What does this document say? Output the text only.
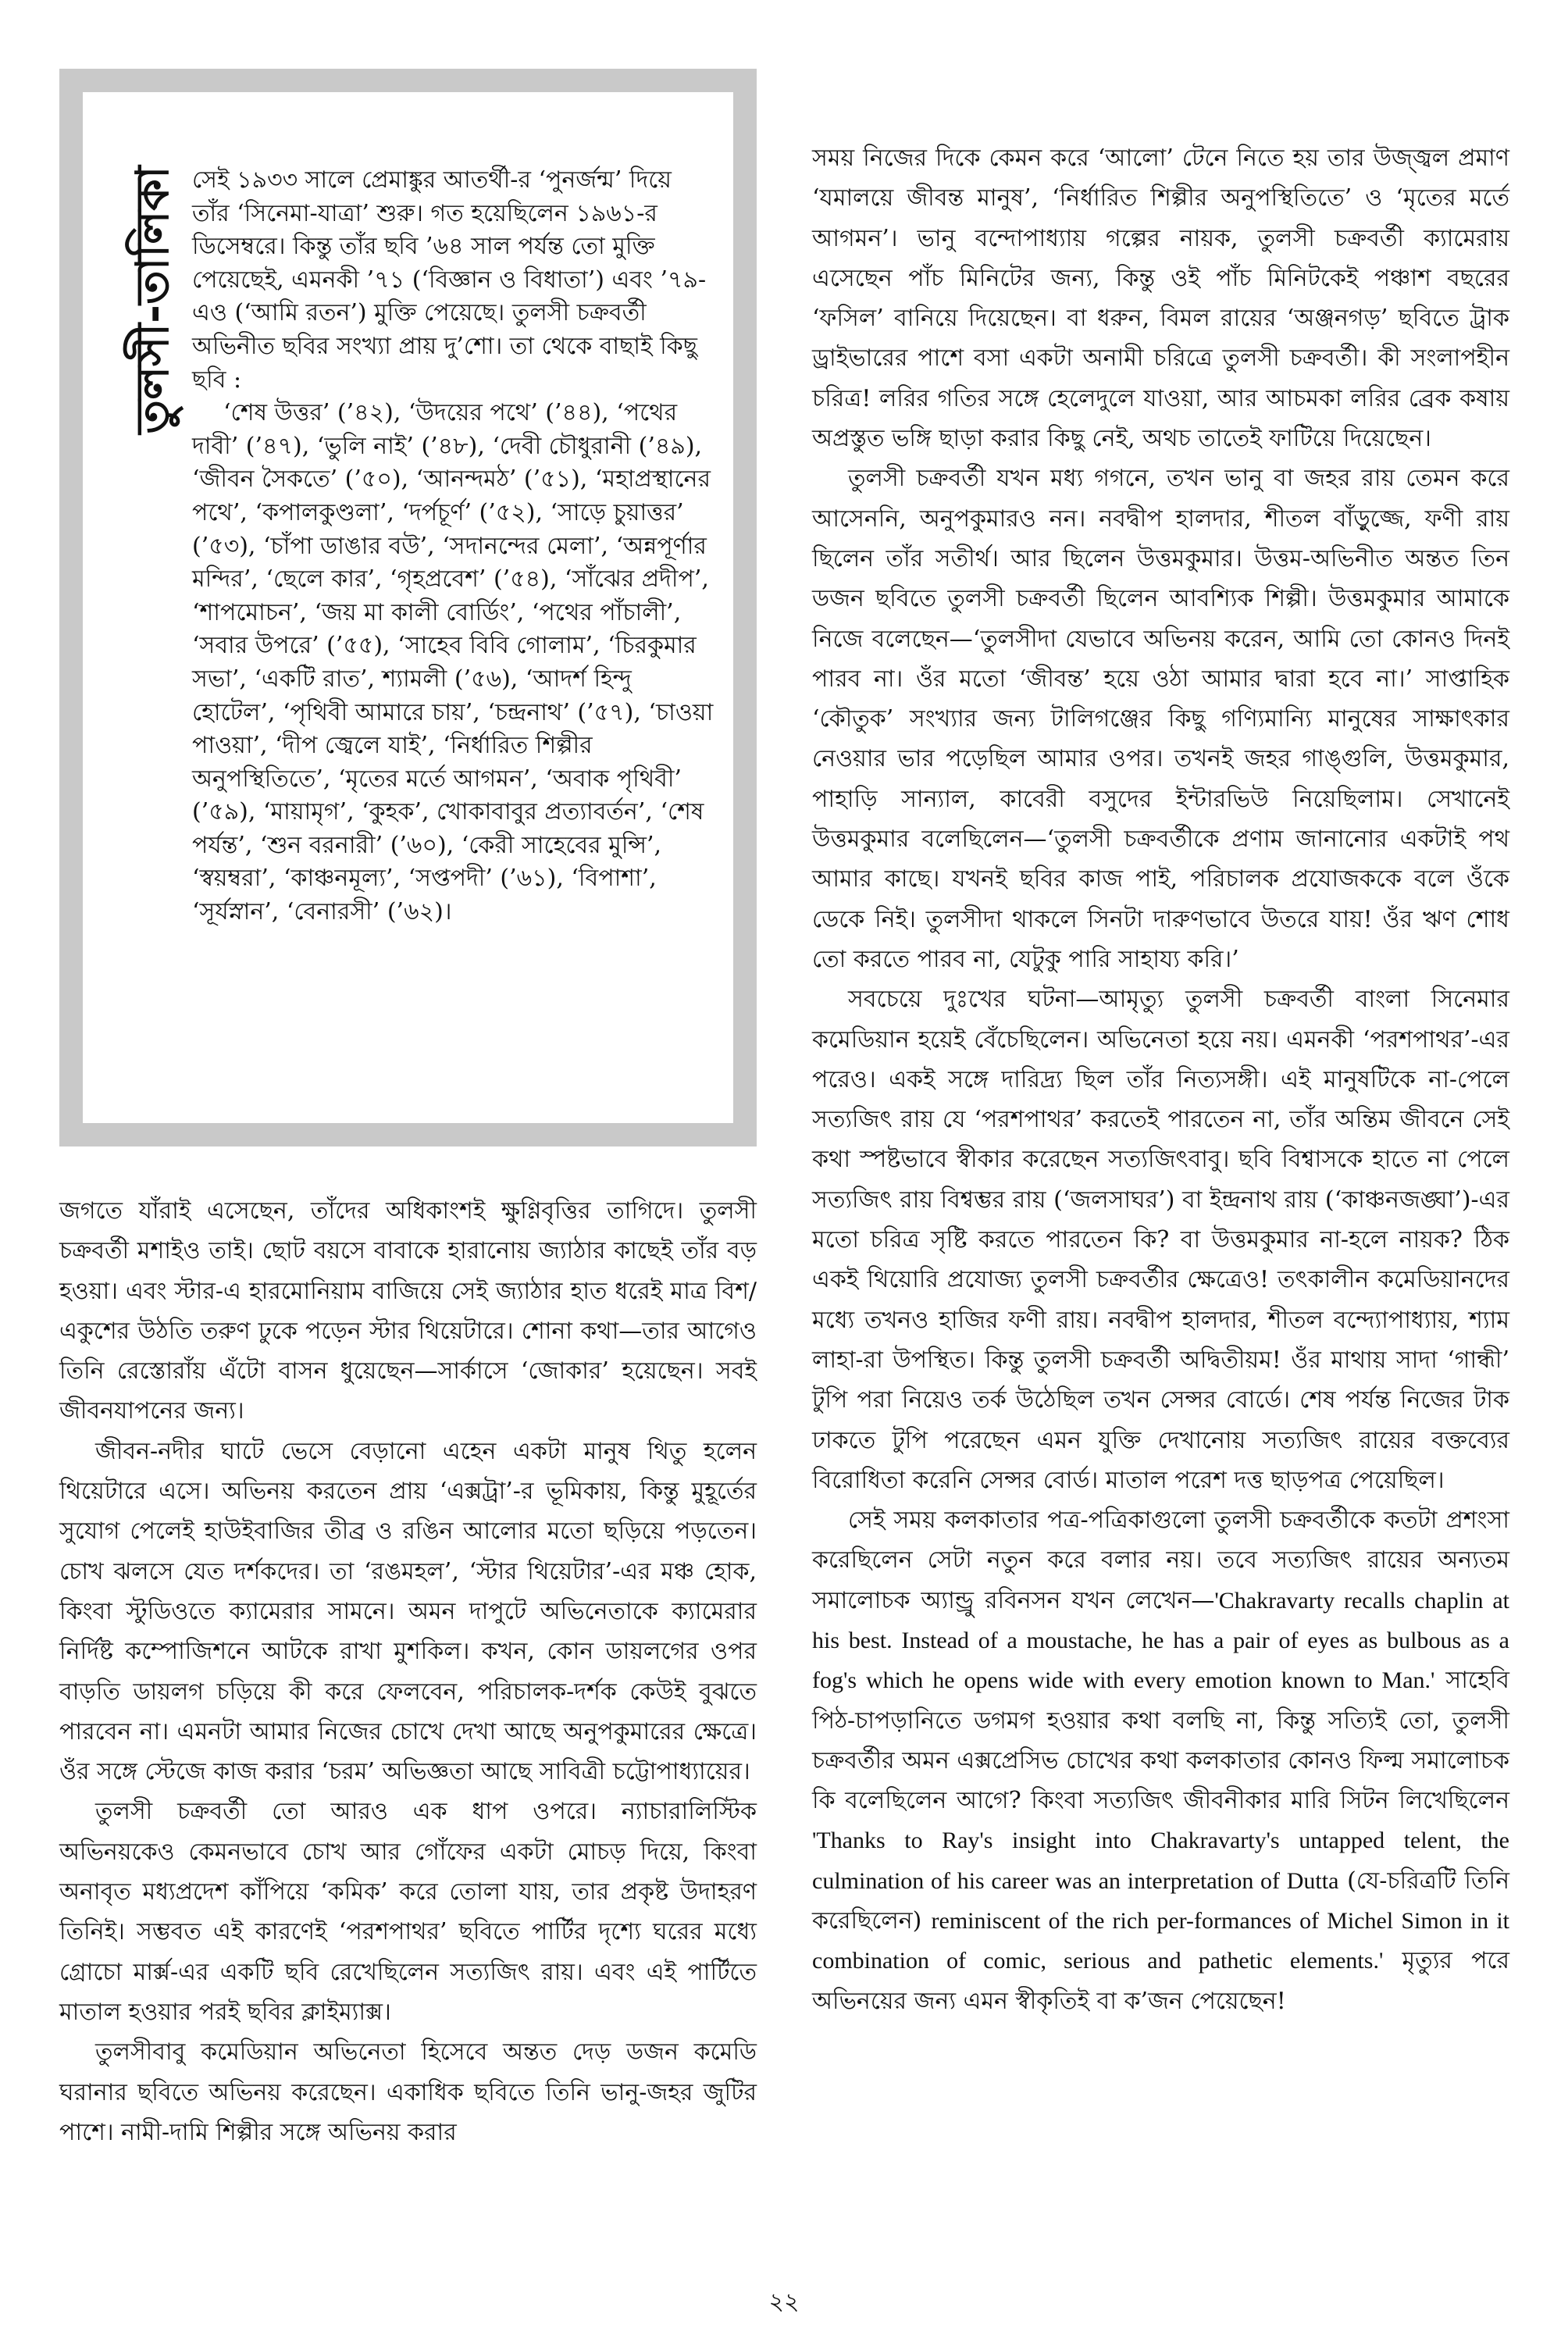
তুলসী-তালিকা সেই ১৯৩৩ সালে প্রেমাঙ্কুর আতর্থী-র ‘পুনর্জন্ম’ দিয়ে তাঁর ‘সিনেমা-যাত্রা’ শুরু। গত হয়েছিলেন ১৯৬১-র ডিসেম্বরে। কিন্তু তাঁর ছবি ’৬৪ সাল পর্যন্ত তো মুক্তি পেয়েছেই, এমনকী ’৭১ (‘বিজ্ঞান ও বিধাতা’) এবং ’৭৯-এও (‘আমি রতন’) মুক্তি পেয়েছে। তুলসী চক্রবর্তী অভিনীত ছবির সংখ্যা প্রায় দু’শো। তা থেকে বাছাই কিছু ছবি :

‘শেষ উত্তর’ (’৪২), ‘উদয়ের পথে’ (’৪৪), ‘পথের দাবী’ (’৪৭), ‘ভুলি নাই’ (’৪৮), ‘দেবী চৌধুরানী (’৪৯), ‘জীবন সৈকতে’ (’৫০), ‘আনন্দমঠ’ (’৫১), ‘মহাপ্রস্থানের পথে’, ‘কপালকুণ্ডলা’, ‘দর্পচূর্ণ’ (’৫২), ‘সাড়ে চুয়াত্তর’ (’৫৩), ‘চাঁপা ডাঙার বউ’, ‘সদানন্দের মেলা’, ‘অন্নপূর্ণার মন্দির’, ‘ছেলে কার’, ‘গৃহপ্রবেশ’ (’৫৪), ‘সাঁঝের প্রদীপ’, ‘শাপমোচন’, ‘জয় মা কালী বোর্ডিং’, ‘পথের পাঁচালী’, ‘সবার উপরে’ (’৫৫), ‘সাহেব বিবি গোলাম’, ‘চিরকুমার সভা’, ‘একটি রাত’, শ্যামলী (’৫৬), ‘আদর্শ হিন্দু হোটেল’, ‘পৃথিবী আমারে চায়’, ‘চন্দ্রনাথ’ (’৫৭), ‘চাওয়া পাওয়া’, ‘দীপ জ্বেলে যাই’, ‘নির্ধারিত শিল্পীর অনুপস্থিতিতে’, ‘মৃতের মর্তে আগমন’, ‘অবাক পৃথিবী’ (’৫৯), ‘মায়ামৃগ’, ‘কুহক’, খোকাবাবুর প্রত্যাবর্তন’, ‘শেষ পর্যন্ত’, ‘শুন বরনারী’ (’৬০), ‘কেরী সাহেবের মুন্সি’, ‘স্বয়ম্বরা’, ‘কাঞ্চনমূল্য’, ‘সপ্তপদী’ (’৬১), ‘বিপাশা’, ‘সূর্যস্নান’, ‘বেনারসী’ (’৬২)।

জগতে যাঁরাই এসেছেন, তাঁদের অধিকাংশই ক্ষুণ্ণিবৃত্তির তাগিদে। তুলসী চক্রবর্তী মশাইও তাই। ছোট বয়সে বাবাকে হারানোয় জ্যাঠার কাছেই তাঁর বড় হওয়া। এবং স্টার-এ হারমোনিয়াম বাজিয়ে সেই জ্যাঠার হাত ধরেই মাত্র বিশ/একুশের উঠতি তরুণ ঢুকে পড়েন স্টার থিয়েটারে। শোনা কথা—তার আগেও তিনি রেস্তোরাঁয় এঁটো বাসন ধুয়েছেন—সার্কাসে ‘জোকার’ হয়েছেন। সবই জীবনযাপনের জন্য।

জীবন-নদীর ঘাটে ভেসে বেড়ানো এহেন একটা মানুষ থিতু হলেন থিয়েটারে এসে। অভিনয় করতেন প্রায় ‘এক্সট্রা’-র ভূমিকায়, কিন্তু মুহূর্তের সুযোগ পেলেই হাউইবাজির তীব্র ও রঙিন আলোর মতো ছড়িয়ে পড়তেন। চোখ ঝলসে যেত দর্শকদের। তা ‘রঙমহল’, ‘স্টার থিয়েটার’-এর মঞ্চ হোক, কিংবা স্টুডিওতে ক্যামেরার সামনে। অমন দাপুটে অভিনেতাকে ক্যামেরার নির্দিষ্ট কম্পোজিশনে আটকে রাখা মুশকিল। কখন, কোন ডায়লগের ওপর বাড়তি ডায়লগ চড়িয়ে কী করে ফেলবেন, পরিচালক-দর্শক কেউই বুঝতে পারবেন না। এমনটা আমার নিজের চোখে দেখা আছে অনুপকুমারের ক্ষেত্রে। ওঁর সঙ্গে স্টেজে কাজ করার ‘চরম’ অভিজ্ঞতা আছে সাবিত্রী চট্টোপাধ্যায়ের।

তুলসী চক্রবর্তী তো আরও এক ধাপ ওপরে। ন্যাচারালিস্টিক অভিনয়কেও কেমনভাবে চোখ আর গোঁফের একটা মোচড় দিয়ে, কিংবা অনাবৃত মধ্যপ্রদেশ কাঁপিয়ে ‘কমিক’ করে তোলা যায়, তার প্রকৃষ্ট উদাহরণ তিনিই। সম্ভবত এই কারণেই ‘পরশপাথর’ ছবিতে পার্টির দৃশ্যে ঘরের মধ্যে গ্রোচো মার্ক্স-এর একটি ছবি রেখেছিলেন সত্যজিৎ রায়। এবং এই পার্টিতে মাতাল হওয়ার পরই ছবির ক্লাইম্যাক্স।

তুলসীবাবু কমেডিয়ান অভিনেতা হিসেবে অন্তত দেড় ডজন কমেডি ঘরানার ছবিতে অভিনয় করেছেন। একাধিক ছবিতে তিনি ভানু-জহর জুটির পাশে। নামী-দামি শিল্পীর সঙ্গে অভিনয় করার

সময় নিজের দিকে কেমন করে ‘আলো’ টেনে নিতে হয় তার উজ্জ্বল প্রমাণ ‘যমালয়ে জীবন্ত মানুষ’, ‘নির্ধারিত শিল্পীর অনুপস্থিতিতে’ ও ‘মৃতের মর্তে আগমন’। ভানু বন্দোপাধ্যায় গল্পের নায়ক, তুলসী চক্রবর্তী ক্যামেরায় এসেছেন পাঁচ মিনিটের জন্য, কিন্তু ওই পাঁচ মিনিটকেই পঞ্চাশ বছরের ‘ফসিল’ বানিয়ে দিয়েছেন। বা ধরুন, বিমল রায়ের ‘অঞ্জনগড়’ ছবিতে ট্রাক ড্রাইভারের পাশে বসা একটা অনামী চরিত্রে তুলসী চক্রবর্তী। কী সংলাপহীন চরিত্র! লরির গতির সঙ্গে হেলেদুলে যাওয়া, আর আচমকা লরির ব্রেক কষায় অপ্রস্তুত ভঙ্গি ছাড়া করার কিছু নেই, অথচ তাতেই ফাটিয়ে দিয়েছেন।

তুলসী চক্রবর্তী যখন মধ্য গগনে, তখন ভানু বা জহর রায় তেমন করে আসেননি, অনুপকুমারও নন। নবদ্বীপ হালদার, শীতল বাঁড়ুজ্জে, ফণী রায় ছিলেন তাঁর সতীর্থ। আর ছিলেন উত্তমকুমার। উত্তম-অভিনীত অন্তত তিন ডজন ছবিতে তুলসী চক্রবর্তী ছিলেন আবশ্যিক শিল্পী। উত্তমকুমার আমাকে নিজে বলেছেন—‘তুলসীদা যেভাবে অভিনয় করেন, আমি তো কোনও দিনই পারব না। ওঁর মতো ‘জীবন্ত’ হয়ে ওঠা আমার দ্বারা হবে না।’ সাপ্তাহিক ‘কৌতুক’ সংখ্যার জন্য টালিগঞ্জের কিছু গণ্যিমান্যি মানুষের সাক্ষাৎকার নেওয়ার ভার পড়েছিল আমার ওপর। তখনই জহর গাঙ্গুলি, উত্তমকুমার, পাহাড়ি সান্যাল, কাবেরী বসুদের ইন্টারভিউ নিয়েছিলাম। সেখানেই উত্তমকুমার বলেছিলেন—‘তুলসী চক্রবর্তীকে প্রণাম জানানোর একটাই পথ আমার কাছে। যখনই ছবির কাজ পাই, পরিচালক প্রযোজককে বলে ওঁকে ডেকে নিই। তুলসীদা থাকলে সিনটা দারুণভাবে উতরে যায়! ওঁর ঋণ শোধ তো করতে পারব না, যেটুকু পারি সাহায্য করি।’

সবচেয়ে দুঃখের ঘটনা—আমৃত্যু তুলসী চক্রবর্তী বাংলা সিনেমার কমেডিয়ান হয়েই বেঁচেছিলেন। অভিনেতা হয়ে নয়। এমনকী ‘পরশপাথর’-এর পরেও। একই সঙ্গে দারিদ্র্য ছিল তাঁর নিত্যসঙ্গী। এই মানুষটিকে না-পেলে সত্যজিৎ রায় যে ‘পরশপাথর’ করতেই পারতেন না, তাঁর অন্তিম জীবনে সেই কথা স্পষ্টভাবে স্বীকার করেছেন সত্যজিৎবাবু। ছবি বিশ্বাসকে হাতে না পেলে সত্যজিৎ রায় বিশ্বম্ভর রায় (‘জলসাঘর’) বা ইন্দ্রনাথ রায় (‘কাঞ্চনজঙ্ঘা’)-এর মতো চরিত্র সৃষ্টি করতে পারতেন কি? বা উত্তমকুমার না-হলে নায়ক? ঠিক একই থিয়োরি প্রযোজ্য তুলসী চক্রবর্তীর ক্ষেত্রেও! তৎকালীন কমেডিয়ানদের মধ্যে তখনও হাজির ফণী রায়। নবদ্বীপ হালদার, শীতল বন্দ্যোপাধ্যায়, শ্যাম লাহা-রা উপস্থিত। কিন্তু তুলসী চক্রবর্তী অদ্বিতীয়ম! ওঁর মাথায় সাদা ‘গান্ধী’ টুপি পরা নিয়েও তর্ক উঠেছিল তখন সেন্সর বোর্ডে। শেষ পর্যন্ত নিজের টাক ঢাকতে টুপি পরেছেন এমন যুক্তি দেখানোয় সত্যজিৎ রায়ের বক্তব্যের বিরোধিতা করেনি সেন্সর বোর্ড। মাতাল পরেশ দত্ত ছাড়পত্র পেয়েছিল।

সেই সময় কলকাতার পত্র-পত্রিকাগুলো তুলসী চক্রবর্তীকে কতটা প্রশংসা করেছিলেন সেটা নতুন করে বলার নয়। তবে সত্যজিৎ রায়ের অন্যতম সমালোচক অ্যান্ড্রু রবিনসন যখন লেখেন—'Chakravarty recalls chaplin at his best. Instead of a moustache, he has a pair of eyes as bulbous as a fog's which he opens wide with every emotion known to Man.' সাহেবি পিঠ-চাপড়ানিতে ডগমগ হওয়ার কথা বলছি না, কিন্তু সত্যিই তো, তুলসী চক্রবর্তীর অমন এক্সপ্রেসিভ চোখের কথা কলকাতার কোনও ফিল্ম সমালোচক কি বলেছিলেন আগে? কিংবা সত্যজিৎ জীবনীকার মারি সিটন লিখেছিলেন 'Thanks to Ray's insight into Chakravarty's untapped telent, the culmination of his career was an interpretation of Dutta (যে-চরিত্রটি তিনি করেছিলেন) reminiscent of the rich per-formances of Michel Simon in it combination of comic, serious and pathetic elements.' মৃত্যুর পরে অভিনয়ের জন্য এমন স্বীকৃতিই বা ক’জন পেয়েছেন!

২২
